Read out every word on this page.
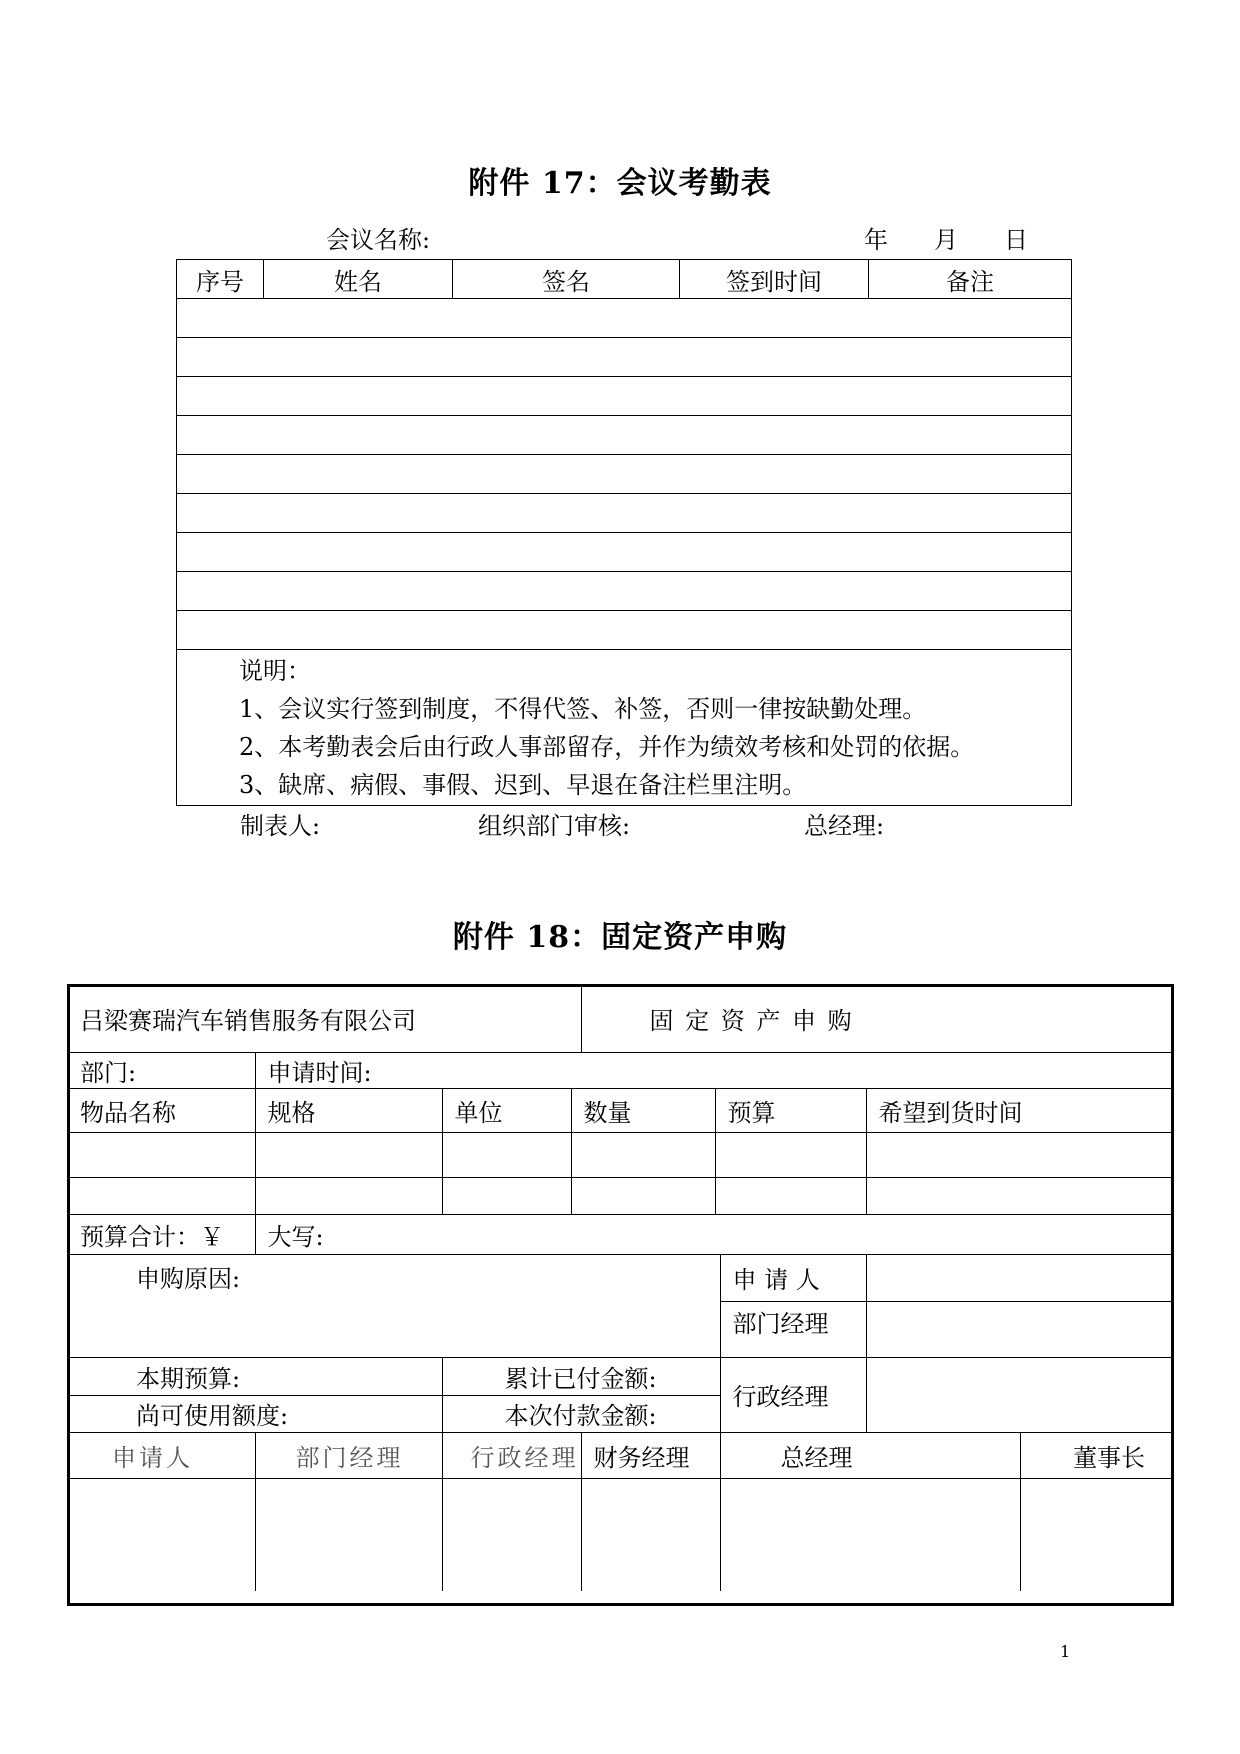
附件 17：会议考勤表
会议名称:	年 月 日
序号	姓名	签名	签到时间	备注

说明：
1、会议实行签到制度，不得代签、补签，否则一律按缺勤处理。
2、本考勤表会后由行政人事部留存，并作为绩效考核和处罚的依据。
3、缺席、病假、事假、迟到、早退在备注栏里注明。
制表人:	组织部门审核:	总经理:
附件 18：固定资产申购
吕梁赛瑞汽车销售服务有限公司				固 定 资 产 申 购				
部门:	申请时间:							
物品名称	规格	单位	数量		预算		希望到货时间	

预算合计：￥	大写:							
申购原因:						申 请 人		
						部门经理		
本期预算:		累计已付金额:				行政经理		
尚可使用额度:		本次付款金额:						
申请人	部门经理	行政经理		财务经理		总经理		董事长

1
